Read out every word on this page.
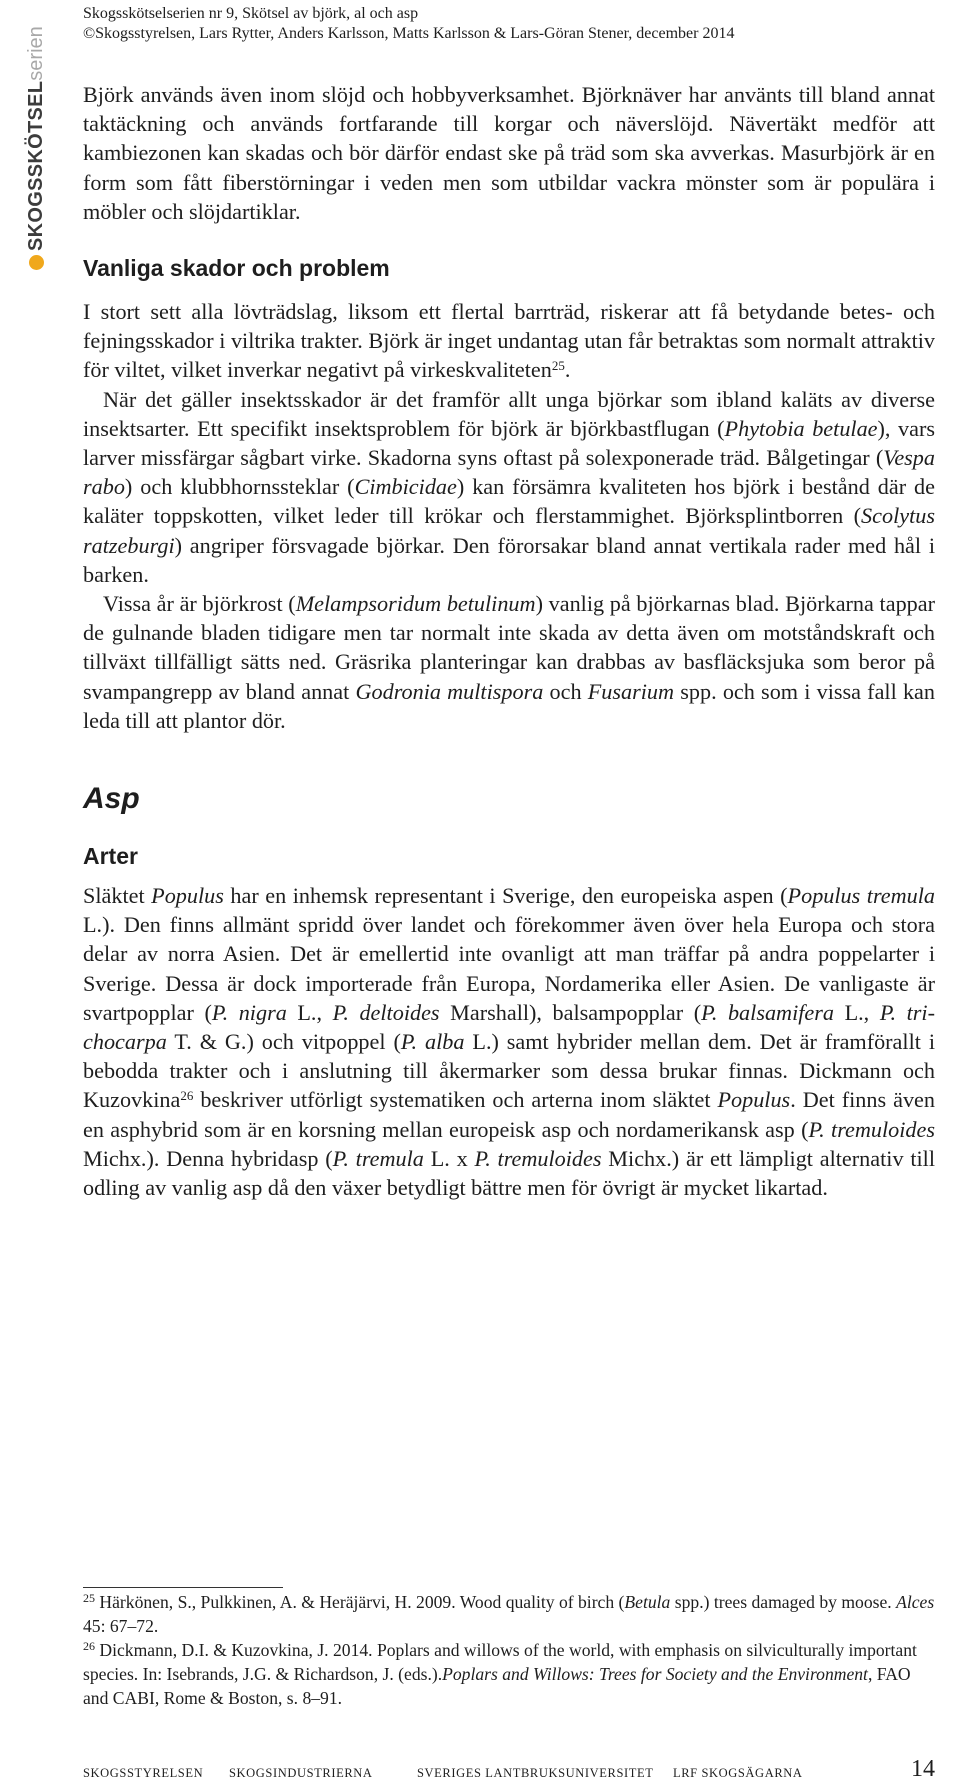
SKOGSSKÖTSEL
serien
Skogsskötselserien nr 9, Skötsel av björk, al och asp
©Skogsstyrelsen, Lars Rytter, Anders Karlsson, Matts Karlsson & Lars-Göran Stener, december 2014

Björk används även inom slöjd och hobbyverksamhet. Björknäver har använts till bland annat taktäckning och används fortfarande till korgar och näverslöjd. Nävertäkt medför att kambiezonen kan skadas och bör därför endast ske på träd som ska avverkas. Masurbjörk är en form som fått fiberstörningar i veden men som utbildar vackra mönster som är populära i möbler och slöjdartiklar.

Vanliga skador och problem

I stort sett alla lövträdslag, liksom ett flertal barrträd, riskerar att få betydande betes- och fejningsskador i viltrika trakter. Björk är inget undantag utan får betraktas som normalt attraktiv för viltet, vilket inverkar negativt på virkeskvaliteten$^{25}$.

När det gäller insektsskador är det framför allt unga björkar som ibland kaläts av diverse insektsarter. Ett specifikt insektsproblem för björk är björkbastflugan (Phytobia betulae), vars larver missfärgar sågbart virke. Skadorna syns oftast på solexponerade träd. Bålgetingar (Vespa rabo) och klubbhornssteklar (Cimbicidae) kan försämra kvaliteten hos björk i bestånd där de kaläter toppskotten, vilket leder till krökar och flerstammighet. Björksplintborren (Scolytus ratzeburgi) angriper försvagade björkar. Den förorsakar bland annat vertikala rader med hål i barken.

Vissa år är björkrost (Melampsoridum betulinum) vanlig på björkarnas blad. Björkarna tappar de gulnande bladen tidigare men tar normalt inte skada av detta även om motståndskraft och tillväxt tillfälligt sätts ned. Gräsrika planteringar kan drabbas av basfläcksjuka som beror på svampangrepp av bland annat Godronia multispora och Fusarium spp. och som i vissa fall kan leda till att plantor dör.

Asp
Arter

Släktet Populus har en inhemsk representant i Sverige, den europeiska aspen (Populus tremula L.). Den finns allmänt spridd över landet och förekommer även över hela Europa och stora delar av norra Asien. Det är emellertid inte ovanligt att man träffar på andra poppelarter i Sverige. Dessa är dock importerade från Europa, Nordamerika eller Asien. De vanligaste är svartpopplar (P. nigra L., P. deltoides Marshall), balsampopplar (P. balsamifera L., P. trichocarpa T. & G.) och vitpoppel (P. alba L.) samt hybrider mellan dem. Det är framförallt i bebodda trakter och i anslutning till åkermarker som dessa brukar finnas. Dickmann och Kuzovkina$^{26}$ beskriver utförligt systematiken och arterna inom släktet Populus. Det finns även en asphybrid som är en korsning mellan europeisk asp och nordamerikansk asp (P. tremuloides Michx.). Denna hybridasp (P. tremula L. x P. tremuloides Michx.) är ett lämpligt alternativ till odling av vanlig asp då den växer betydligt bättre men för övrigt är mycket likartad.

$^{25}$ Härkönen, S., Pulkkinen, A. & Heräjärvi, H. 2009. Wood quality of birch (Betula spp.) trees damaged by moose. Alces 45: 67–72.

$^{26}$ Dickmann, D.I. & Kuzovkina, J. 2014. Poplars and willows of the world, with emphasis on silviculturally important species. In: Isebrands, J.G. & Richardson, J. (eds.).Poplars and Willows: Trees for Society and the Environment, FAO and CABI, Rome & Boston, s. 8–91.

SKOGSSTYRELSEN SKOGSINDUSTRIERNA	SVERIGES LANTBRUKSUNIVERSITET LRF SKOGSÄGARNA	14
